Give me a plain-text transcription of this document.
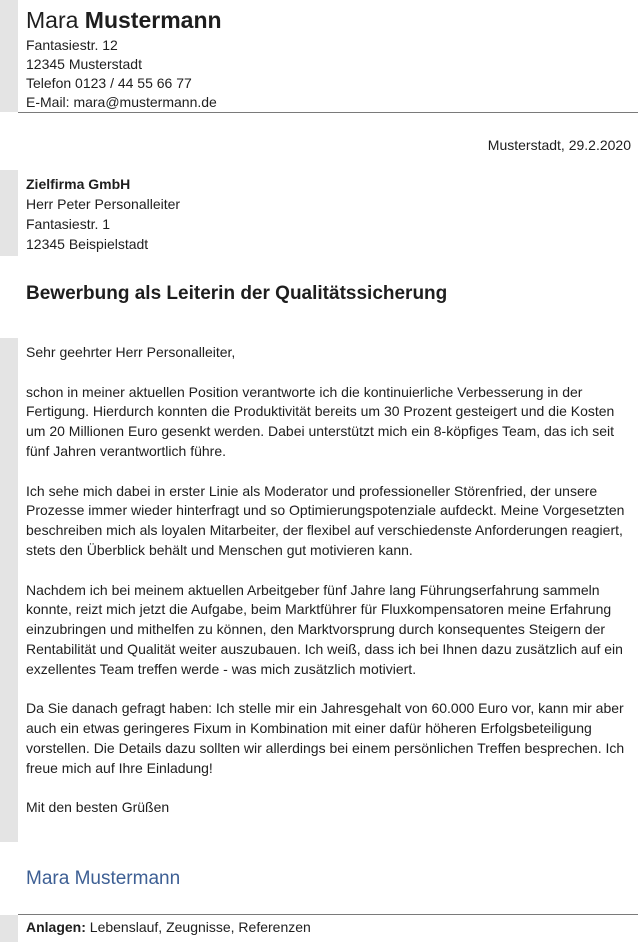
Mara Mustermann
Fantasiestr. 12
12345 Musterstadt
Telefon 0123 / 44 55 66 77
E-Mail: mara@mustermann.de
Musterstadt, 29.2.2020
Zielfirma GmbH
Herr Peter Personalleiter
Fantasiestr. 1
12345 Beispielstadt
Bewerbung als Leiterin der Qualitätssicherung

Sehr geehrter Herr Personalleiter,

schon in meiner aktuellen Position verantworte ich die kontinuierliche Verbesserung in der Fertigung. Hierdurch konnten die Produktivität bereits um 30 Prozent gesteigert und die Kosten um 20 Millionen Euro gesenkt werden. Dabei unterstützt mich ein 8-köpfiges Team, das ich seit fünf Jahren verantwortlich führe.

Ich sehe mich dabei in erster Linie als Moderator und professioneller Störenfried, der unsere Prozesse immer wieder hinterfragt und so Optimierungspotenziale aufdeckt. Meine Vorgesetzten beschreiben mich als loyalen Mitarbeiter, der flexibel auf verschiedenste Anforderungen reagiert, stets den Überblick behält und Menschen gut motivieren kann.

Nachdem ich bei meinem aktuellen Arbeitgeber fünf Jahre lang Führungserfahrung sammeln konnte, reizt mich jetzt die Aufgabe, beim Marktführer für Fluxkompensatoren meine Erfahrung einzubringen und mithelfen zu können, den Marktvorsprung durch konsequentes Steigern der Rentabilität und Qualität weiter auszubauen. Ich weiß, dass ich bei Ihnen dazu zusätzlich auf ein exzellentes Team treffen werde - was mich zusätzlich motiviert.

Da Sie danach gefragt haben: Ich stelle mir ein Jahresgehalt von 60.000 Euro vor, kann mir aber auch ein etwas geringeres Fixum in Kombination mit einer dafür höheren Erfolgsbeteiligung vorstellen. Die Details dazu sollten wir allerdings bei einem persönlichen Treffen besprechen. Ich freue mich auf Ihre Einladung!

Mit den besten Grüßen

Mara Mustermann
Anlagen: Lebenslauf, Zeugnisse, Referenzen
